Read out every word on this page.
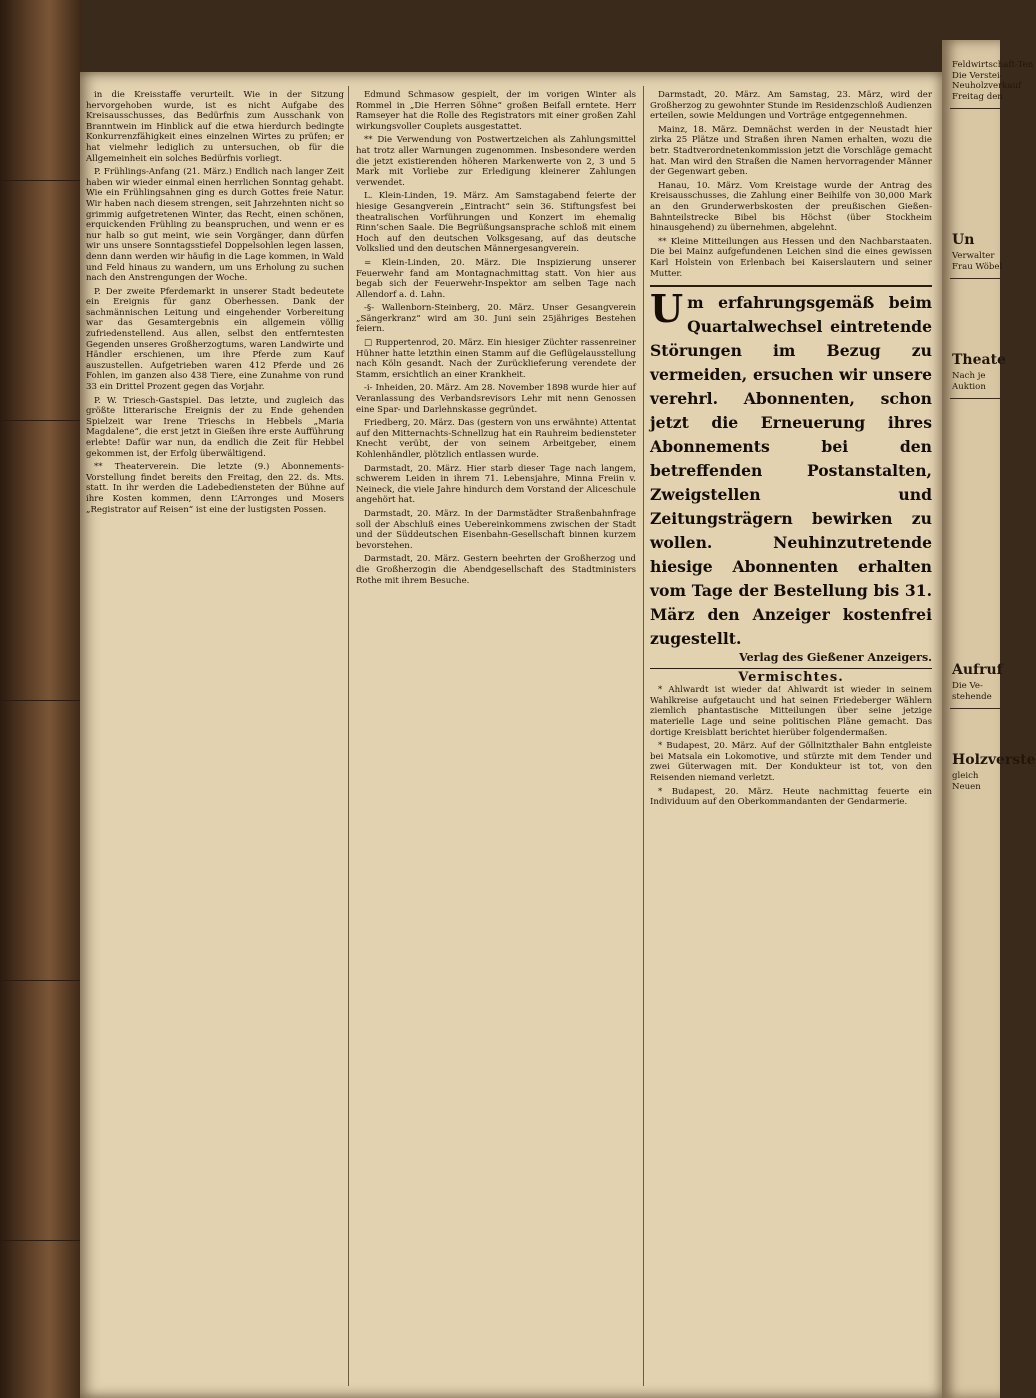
in die Kreisstaffe verurteilt. Wie in der Sitzung hervorgehoben wurde, ist es nicht Aufgabe des Kreisausschusses, das Bedürfnis zum Ausschank von Branntwein im Hinblick auf die etwa hierdurch bedingte Konkurrenzfähigkeit eines einzelnen Wirtes zu prüfen; er hat vielmehr lediglich zu untersuchen, ob für die Allgemeinheit ein solches Bedürfnis vorliegt.

P. Frühlings-Anfang (21. März.) Endlich nach langer Zeit haben wir wieder einmal einen herrlichen Sonntag gehabt. Wie ein Frühlingsahnen ging es durch Gottes freie Natur. Wir haben nach diesem strengen, seit Jahrzehnten nicht so grimmig aufgetretenen Winter, das Recht, einen schönen, erquickenden Frühling zu beanspruchen, und wenn er es nur halb so gut meint, wie sein Vorgänger, dann dürfen wir uns unsere Sonntagsstiefel Doppelsohlen legen lassen, denn dann werden wir häufig in die Lage kommen, in Wald und Feld hinaus zu wandern, um uns Erholung zu suchen nach den Anstrengungen der Woche.

P. Der zweite Pferdemarkt in unserer Stadt bedeutete ein Ereignis für ganz Oberhessen. Dank der sachmännischen Leitung und eingehender Vorbereitung war das Gesamtergebnis ein allgemein völlig zufriedenstellend. Aus allen, selbst den entferntesten Gegenden unseres Großherzogtums, waren Landwirte und Händler erschienen, um ihre Pferde zum Kauf auszustellen. Aufgetrieben waren 412 Pferde und 26 Fohlen, im ganzen also 438 Tiere, eine Zunahme von rund 33 ein Drittel Prozent gegen das Vorjahr.

P. W. Triesch-Gastspiel. Das letzte, und zugleich das größte litterarische Ereignis der zu Ende gehenden Spielzeit war Irene Trieschs in Hebbels „Maria Magdalene“, die erst jetzt in Gießen ihre erste Aufführung erlebte! Dafür war nun, da endlich die Zeit für Hebbel gekommen ist, der Erfolg überwältigend.

** Theaterverein. Die letzte (9.) Abonnements-Vorstellung findet bereits den Freitag, den 22. ds. Mts. statt. In ihr werden die Ladebediensteten der Bühne auf ihre Kosten kommen, denn L’Arronges und Mosers „Registrator auf Reisen“ ist eine der lustigsten Possen.

Edmund Schmasow gespielt, der im vorigen Winter als Rommel in „Die Herren Söhne“ großen Beifall erntete. Herr Ramseyer hat die Rolle des Registrators mit einer großen Zahl wirkungsvoller Couplets ausgestattet.

** Die Verwendung von Postwertzeichen als Zahlungsmittel hat trotz aller Warnungen zugenommen. Insbesondere werden die jetzt existierenden höheren Markenwerte von 2, 3 und 5 Mark mit Vorliebe zur Erledigung kleinerer Zahlungen verwendet.

L. Klein-Linden, 19. März. Am Samstagabend feierte der hiesige Gesangverein „Eintracht“ sein 36. Stiftungsfest bei theatralischen Vorführungen und Konzert im ehemalig Rinn’schen Saale. Die Begrüßungsansprache schloß mit einem Hoch auf den deutschen Volksgesang, auf das deutsche Volkslied und den deutschen Männergesangverein.

= Klein-Linden, 20. März. Die Inspizierung unserer Feuerwehr fand am Montagnachmittag statt. Von hier aus begab sich der Feuerwehr-Inspektor am selben Tage nach Allendorf a. d. Lahn.

-§- Wallenborn-Steinberg, 20. März. Unser Gesangverein „Sängerkranz“ wird am 30. Juni sein 25jähriges Bestehen feiern.

□ Ruppertenrod, 20. März. Ein hiesiger Züchter rassenreiner Hühner hatte letzthin einen Stamm auf die Geflügelausstellung nach Köln gesandt. Nach der Zurücklieferung verendete der Stamm, ersichtlich an einer Krankheit.

-i- Inheiden, 20. März. Am 28. November 1898 wurde hier auf Veranlassung des Verbandsrevisors Lehr mit nenn Genossen eine Spar- und Darlehnskasse gegründet.

Friedberg, 20. März. Das (gestern von uns erwähnte) Attentat auf den Mitternachts-Schnellzug hat ein Rauhreim bediensteter Knecht verübt, der von seinem Arbeitgeber, einem Kohlenhändler, plötzlich entlassen wurde.

Darmstadt, 20. März. Hier starb dieser Tage nach langem, schwerem Leiden in ihrem 71. Lebensjahre, Minna Freiin v. Neineck, die viele Jahre hindurch dem Vorstand der Aliceschule angehört hat.

Darmstadt, 20. März. In der Darmstädter Straßenbahnfrage soll der Abschluß eines Uebereinkommens zwischen der Stadt und der Süddeutschen Eisenbahn-Gesellschaft binnen kurzem bevorstehen.

Darmstadt, 20. März. Gestern beehrten der Großherzog und die Großherzogin die Abendgesellschaft des Stadtministers Rothe mit ihrem Besuche.

Darmstadt, 20. März. Am Samstag, 23. März, wird der Großherzog zu gewohnter Stunde im Residenzschloß Audienzen erteilen, sowie Meldungen und Vorträge entgegennehmen.

Mainz, 18. März. Demnächst werden in der Neustadt hier zirka 25 Plätze und Straßen ihren Namen erhalten, wozu die betr. Stadtverordnetenkommission jetzt die Vorschläge gemacht hat. Man wird den Straßen die Namen hervorragender Männer der Gegenwart geben.

Hanau, 10. März. Vom Kreistage wurde der Antrag des Kreisausschusses, die Zahlung einer Beihilfe von 30,000 Mark an den Grunderwerbskosten der preußischen Gießen-Bahnteilstrecke Bibel bis Höchst (über Stockheim hinausgehend) zu übernehmen, abgelehnt.

** Kleine Mitteilungen aus Hessen und den Nachbarstaaten. Die bei Mainz aufgefundenen Leichen sind die eines gewissen Karl Holstein von Erlenbach bei Kaiserslautern und seiner Mutter.

Um erfahrungsgemäß beim Quartalwechsel eintretende Störungen im Bezug zu vermeiden, ersuchen wir unsere verehrl. Abonnenten, schon jetzt die Erneuerung ihres Abonnements bei den betreffenden Postanstalten, Zweigstellen und Zeitungsträgern bewirken zu wollen. Neuhinzutretende hiesige Abonnenten erhalten vom Tage der Bestellung bis 31. März den Anzeiger kostenfrei zugestellt.
Verlag des Gießener Anzeigers.
Vermischtes.

* Ahlwardt ist wieder da! Ahlwardt ist wieder in seinem Wahlkreise aufgetaucht und hat seinen Friedeberger Wählern ziemlich phantastische Mitteilungen über seine jetzige materielle Lage und seine politischen Pläne gemacht. Das dortige Kreisblatt berichtet hierüber folgendermaßen.

* Budapest, 20. März. Auf der Göllnitzthaler Bahn entgleiste bei Matsala ein Lokomotive, und stürzte mit dem Tender und zwei Güterwagen mit. Der Kondukteur ist tot, von den Reisenden niemand verletzt.

* Budapest, 20. März. Heute nachmittag feuerte ein Individuum auf den Oberkommandanten der Gendarmerie.

Feldwirtschaft-Ten
Die Verstei-
Neuholzverkauf
Freitag den
Un
Verwalter
Frau Wöbel
Theate
Nach je
Auktion
Aufruf
Die Ve-
stehende
Holzverste
gleich
Neuen
